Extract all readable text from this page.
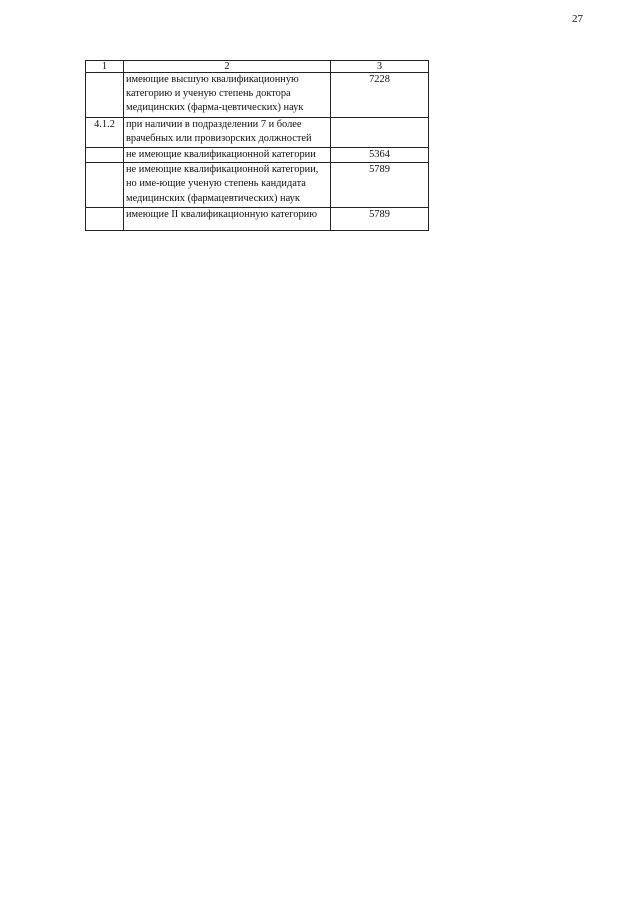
27
1	2	3
	имеющие высшую квалификационную категорию и ученую степень доктора медицинских (фарма-цевтических) наук	7228
4.1.2	при наличии в подразделении 7 и более врачебных или провизорских должностей	
	не имеющие квалификационной категории	5364
	не имеющие квалификационной категории, но име-ющие ученую степень кандидата медицинских (фармацевтических) наук	5789
	имеющие II квалификационную категорию	5789
